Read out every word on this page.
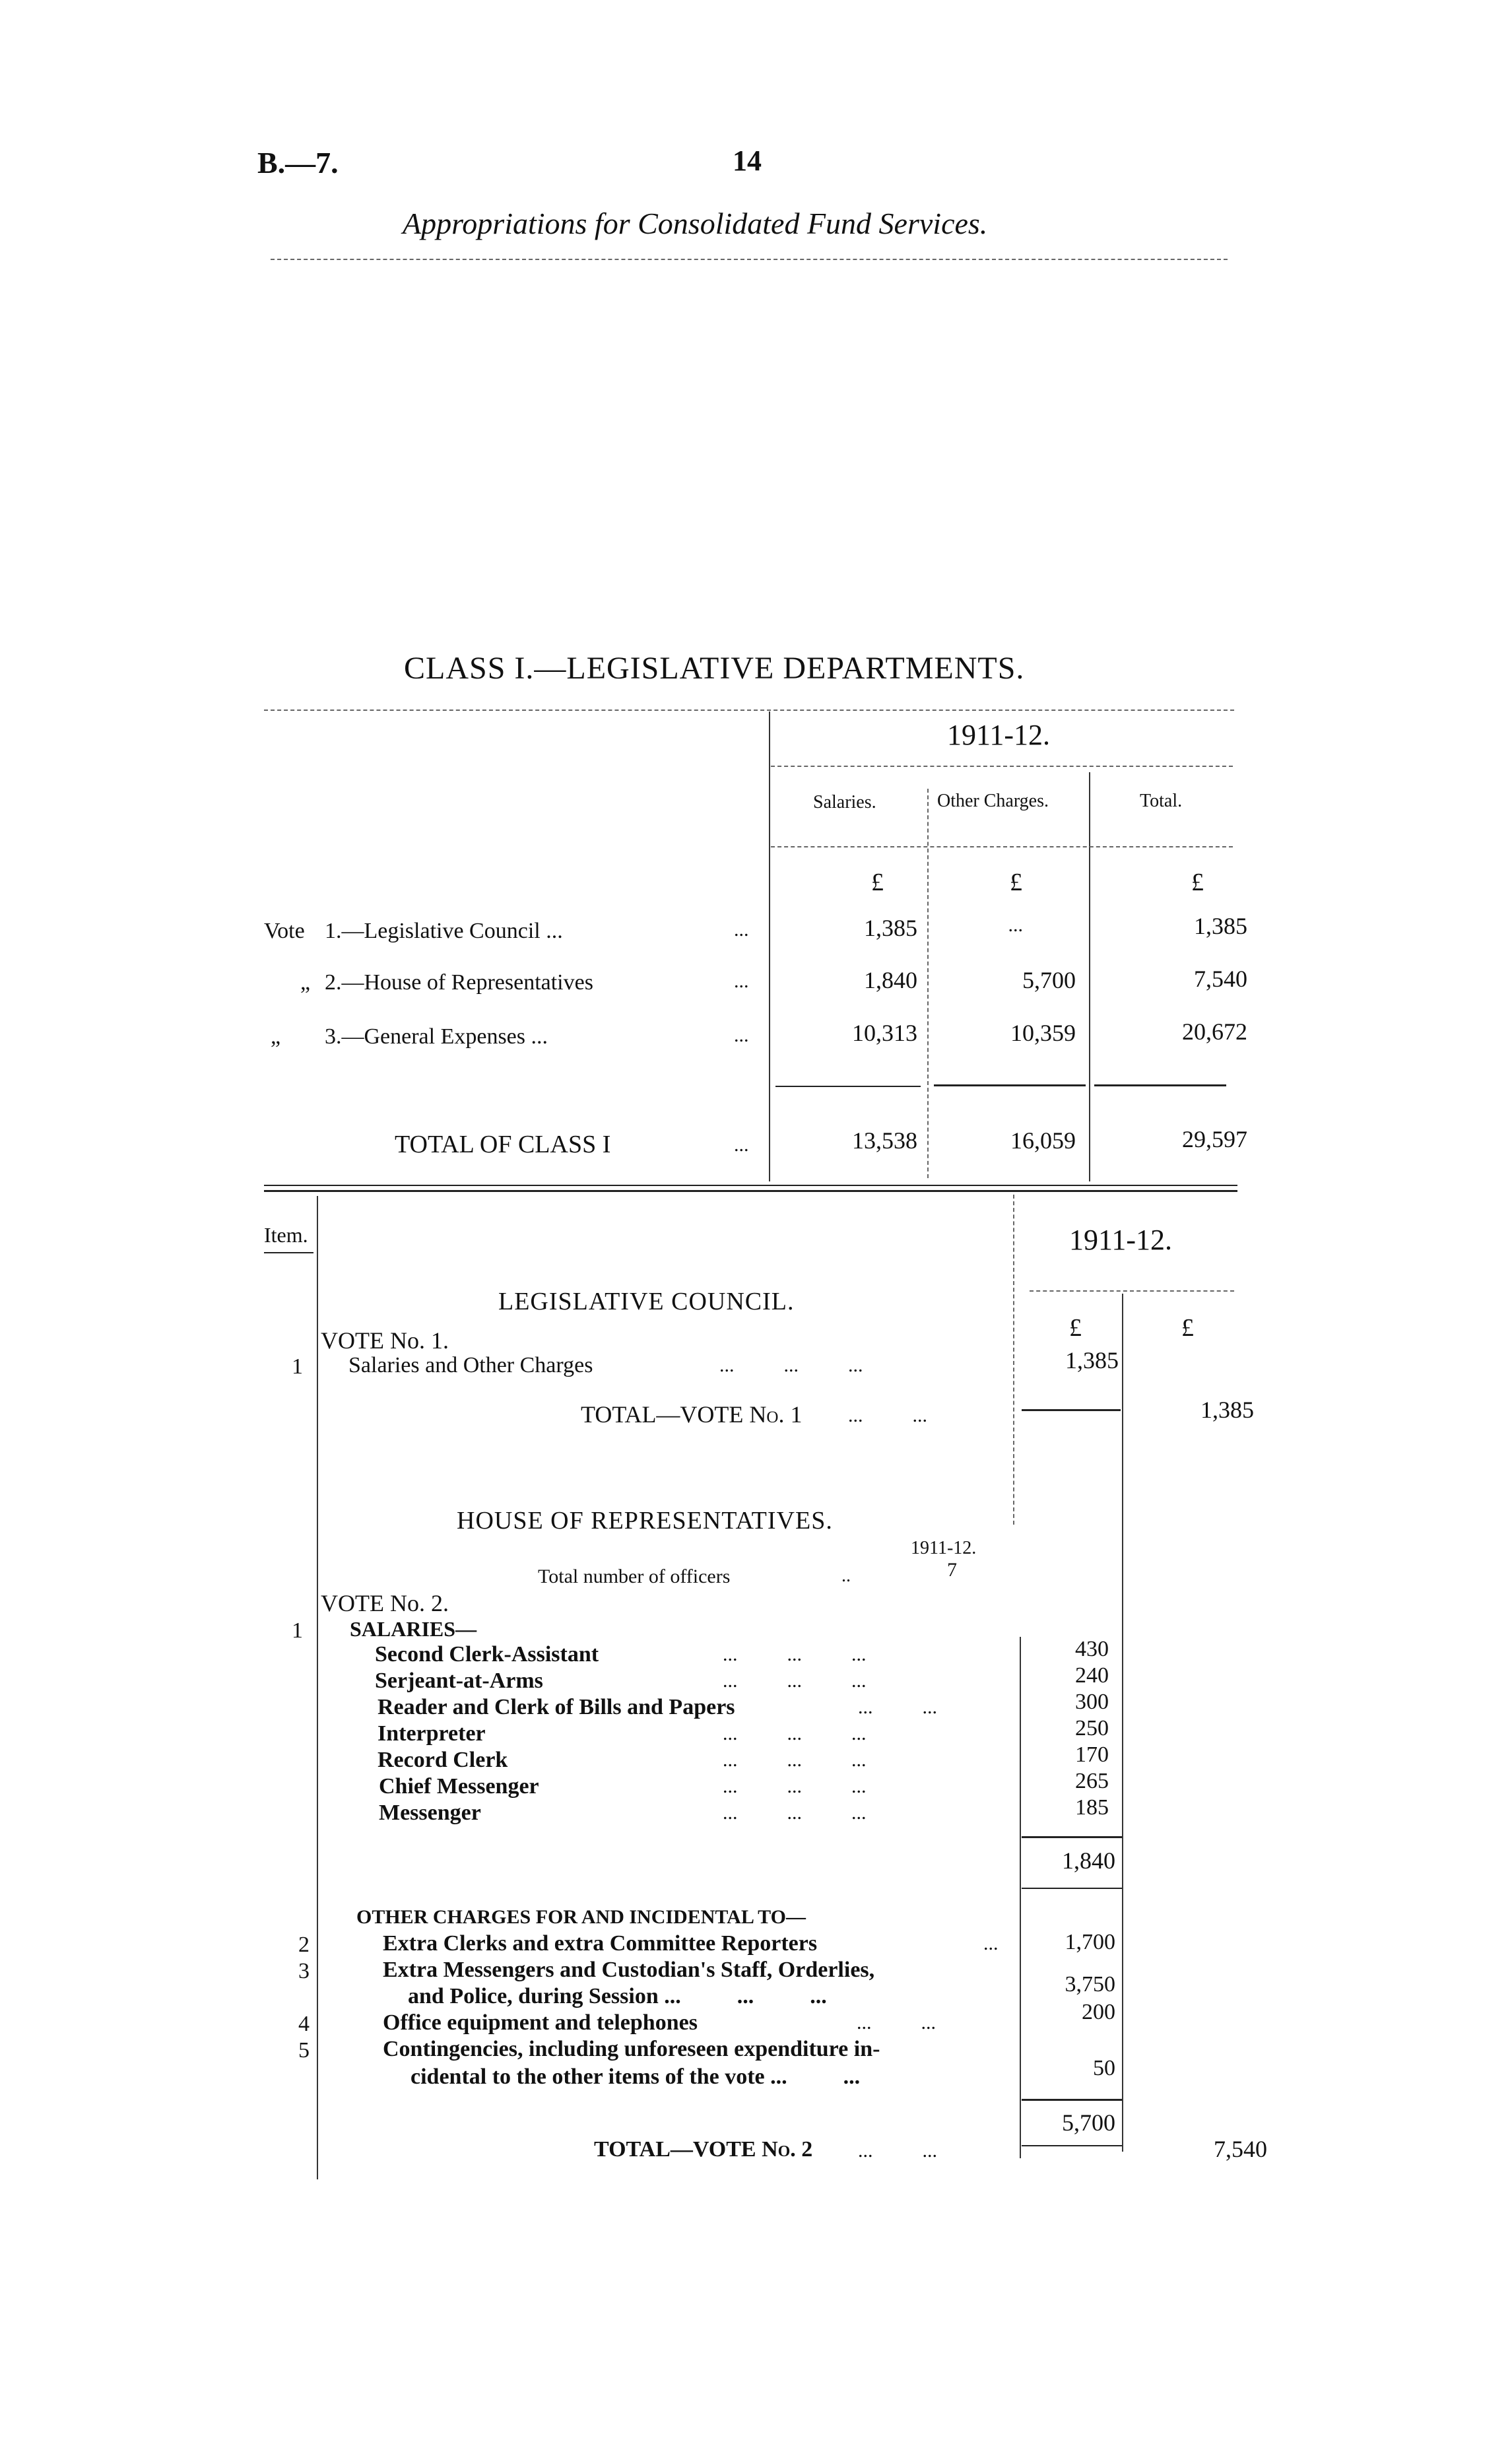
B.—7.	14
Appropriations for Consolidated Fund Services.
CLASS I.—LEGISLATIVE DEPARTMENTS.
1911-12.
Salaries.	Other Charges.	Total.
£	£	£
Vote 1.—Legislative Council ...	...	1,385	...	1,385
„ 2.—House of Representatives	...	1,840	5,700	7,540
„ 3.—General Expenses ...	...	10,313	10,359	20,672
TOTAL OF CLASS I	...	13,538	16,059	29,597
Item.	1911-12.
£	£
LEGISLATIVE COUNCIL.
VOTE No. 1.
1 Salaries and Other Charges	...          ...          ...	1,385
TOTAL—VOTE No. 1 ...          ...	1,385
HOUSE OF REPRESENTATIVES.
1911-12.
Total number of officers	..	7
VOTE No. 2.
1 SALARIES—
Second Clerk-Assistant	...          ...          ...	430
Serjeant-at-Arms	...          ...          ...	240
Reader and Clerk of Bills and Papers	...          ...	300
Interpreter	...          ...          ...	250
Record Clerk	...          ...          ...	170
Chief Messenger	...          ...          ...	265
Messenger	...          ...          ...	185
1,840
OTHER CHARGES FOR AND INCIDENTAL TO—
2	Extra Clerks and extra Committee Reporters	...	1,700
3	Extra Messengers and Custodian's Staff, Orderlies,
and Police, during Session ...          ...          ...	3,750
4	Office equipment and telephones	...          ...	200
5	Contingencies, including unforeseen expenditure in-
cidental to the other items of the vote ...          ...	50
5,700
TOTAL—VOTE No. 2 ...          ...	7,540
